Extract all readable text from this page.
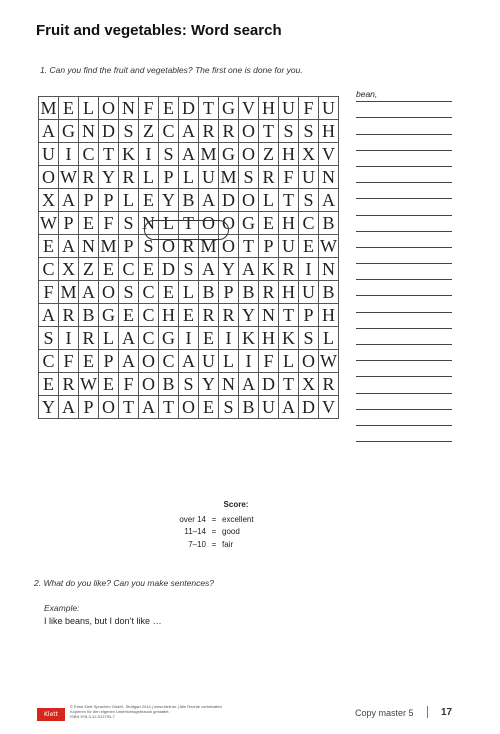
Fruit and vegetables: Word search
1. Can you find the fruit and vegetables? The first one is done for you.
M E L O N F E D T G V H U F U
A G N D S Z C A R R O T S S H
U I C T K I S A M G O Z H X V
O W R Y R L P L U M S R F U N
X A P P L E Y B A D O L T S A
W P E F S N L T O O G E H C B
E A N M P S O R M O T P U E W
C X Z E C E D S A Y A K R I N
F M A O S C E L B P B R H U B
A R B G E C H E R R Y N T P H
S I R L A C G I E I K H K S L
C F E P A O C A U L I F L O W
E R W E F O B S Y N A D T X R
Y A P O T A T O E S B U A D V
bean,
Score:
over 14 = excellent
11–14 = good
7–10 = fair
2. What do you like? Can you make sentences?
Example:
I like beans, but I don’t like …
Klett
© Ernst Klett Sprachen GmbH, Stuttgart 2014 | www.klett.de | Alle Rechte vorbehalten
Kopieren für den eigenen Unterrichtsgebrauch gestattet.
ISBN 978-3-12-512793-7	Copy master 5	17
